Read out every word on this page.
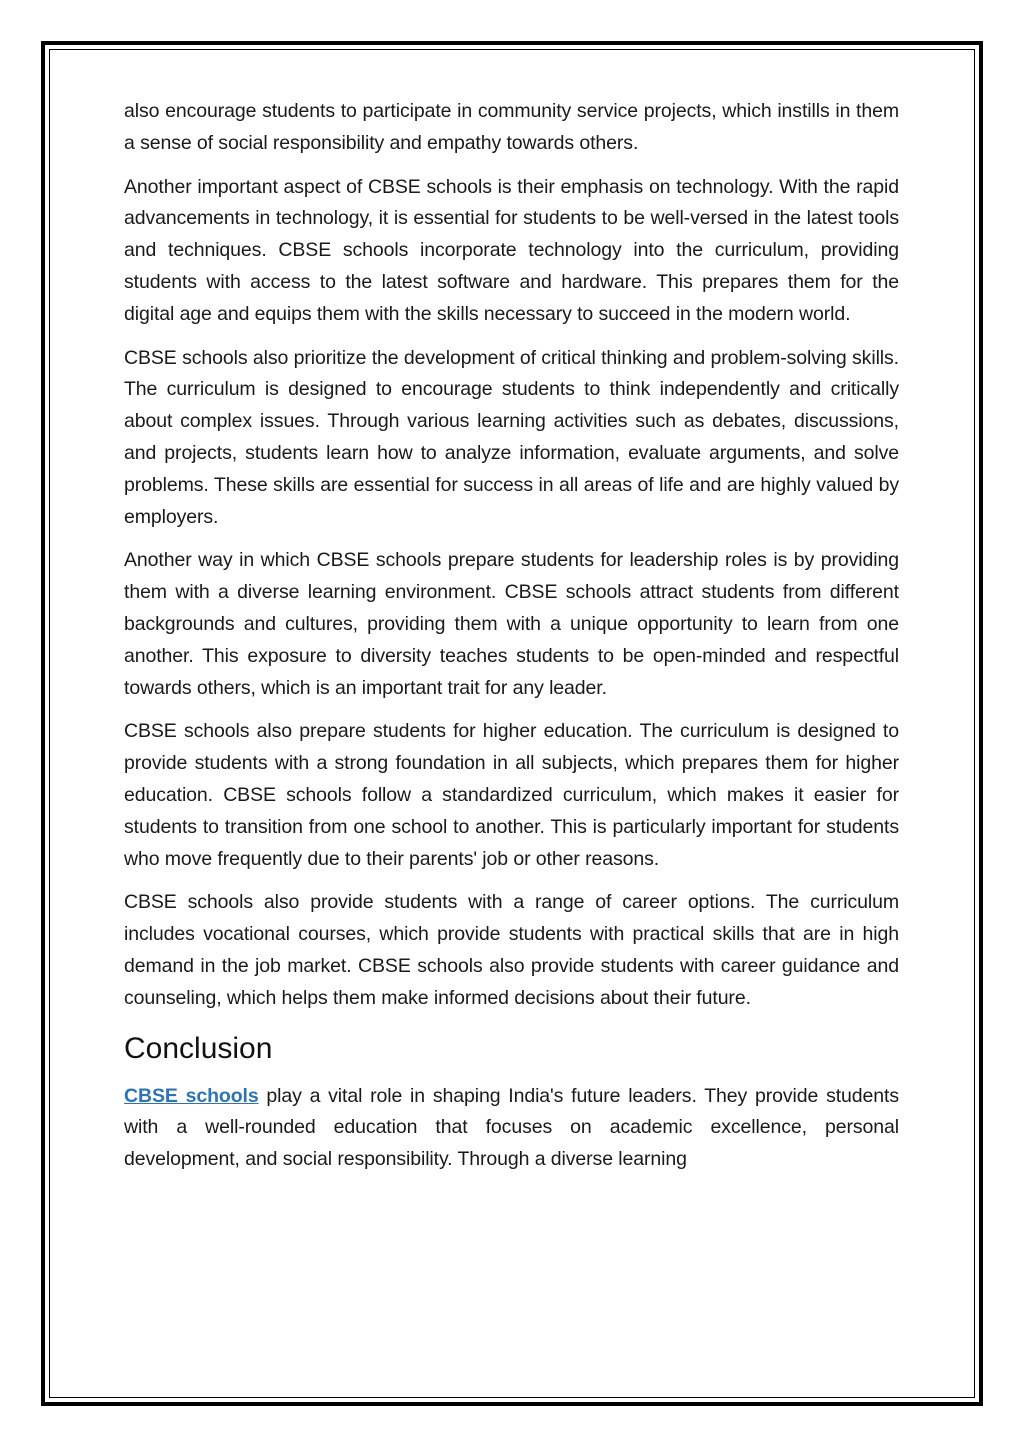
also encourage students to participate in community service projects, which instills in them a sense of social responsibility and empathy towards others.

Another important aspect of CBSE schools is their emphasis on technology. With the rapid advancements in technology, it is essential for students to be well-versed in the latest tools and techniques. CBSE schools incorporate technology into the curriculum, providing students with access to the latest software and hardware. This prepares them for the digital age and equips them with the skills necessary to succeed in the modern world.

CBSE schools also prioritize the development of critical thinking and problem-solving skills. The curriculum is designed to encourage students to think independently and critically about complex issues. Through various learning activities such as debates, discussions, and projects, students learn how to analyze information, evaluate arguments, and solve problems. These skills are essential for success in all areas of life and are highly valued by employers.

Another way in which CBSE schools prepare students for leadership roles is by providing them with a diverse learning environment. CBSE schools attract students from different backgrounds and cultures, providing them with a unique opportunity to learn from one another. This exposure to diversity teaches students to be open-minded and respectful towards others, which is an important trait for any leader.

CBSE schools also prepare students for higher education. The curriculum is designed to provide students with a strong foundation in all subjects, which prepares them for higher education. CBSE schools follow a standardized curriculum, which makes it easier for students to transition from one school to another. This is particularly important for students who move frequently due to their parents' job or other reasons.

CBSE schools also provide students with a range of career options. The curriculum includes vocational courses, which provide students with practical skills that are in high demand in the job market. CBSE schools also provide students with career guidance and counseling, which helps them make informed decisions about their future.

Conclusion

CBSE schools play a vital role in shaping India's future leaders. They provide students with a well-rounded education that focuses on academic excellence, personal development, and social responsibility. Through a diverse learning
